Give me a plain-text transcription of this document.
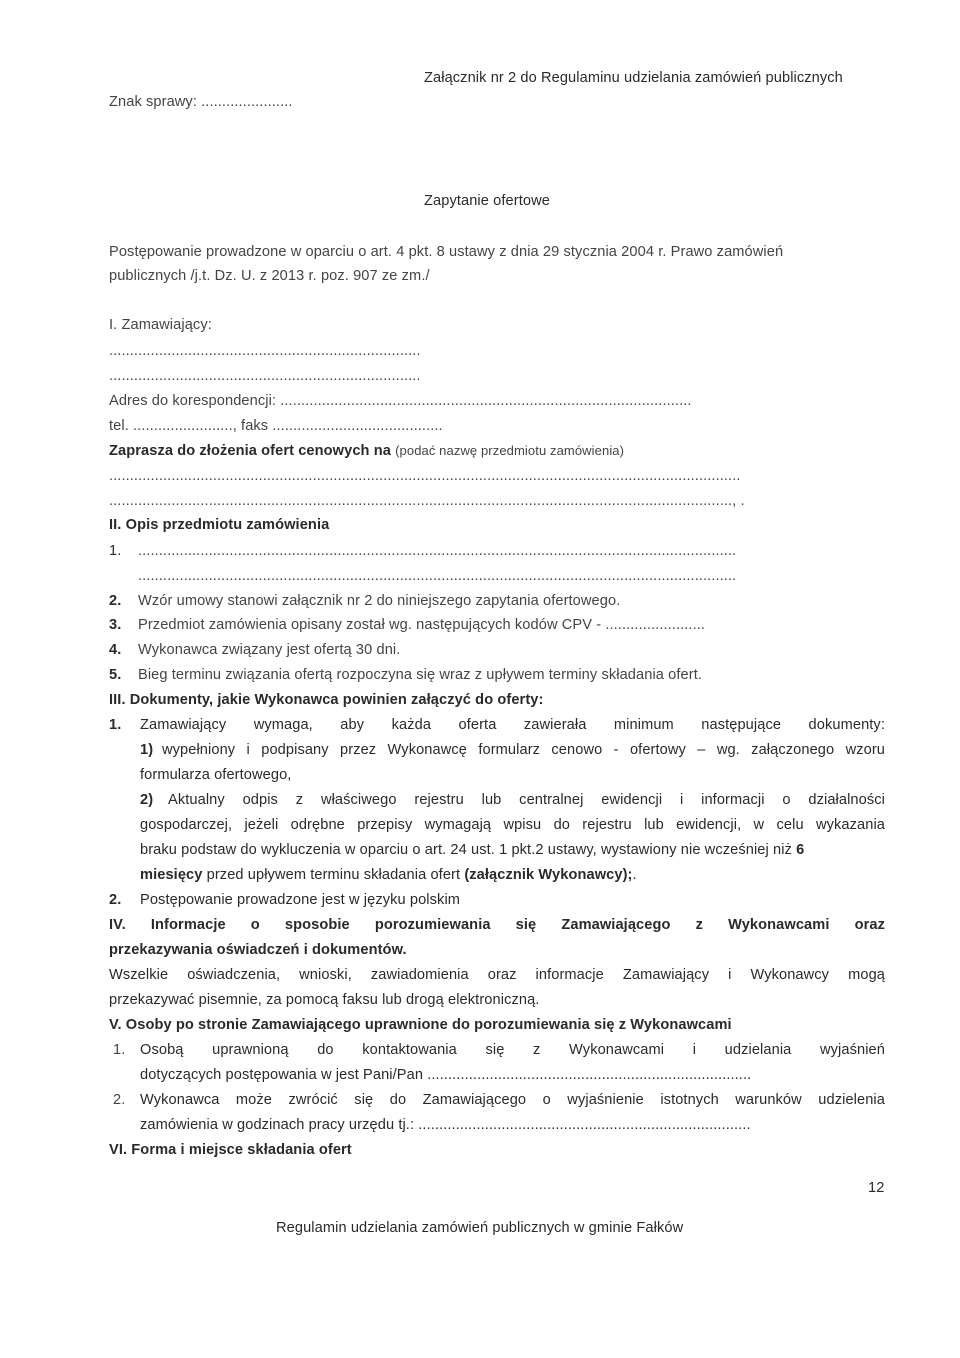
Załącznik nr 2 do Regulaminu udzielania zamówień publicznych
Znak sprawy: ......................
Zapytanie ofertowe
Postępowanie prowadzone w oparciu o art. 4 pkt. 8 ustawy z dnia 29 stycznia 2004 r. Prawo zamówień
publicznych /j.t. Dz. U. z 2013 r. poz. 907 ze zm./
I. Zamawiający:
...........................................................................
...........................................................................
Adres do korespondencji: ...................................................................................................
tel. ........................, faks .........................................
Zaprasza do złożenia ofert cenowych na (podać nazwę przedmiotu zamówienia)
........................................................................................................................................................
......................................................................................................................................................, .
II. Opis przedmiotu zamówienia
1. ................................................................................................................................................
................................................................................................................................................
2. Wzór umowy stanowi załącznik nr 2 do niniejszego zapytania ofertowego.
3. Przedmiot zamówienia opisany został wg. następujących kodów CPV - ........................
4. Wykonawca związany jest ofertą 30 dni.
5. Bieg terminu związania ofertą rozpoczyna się wraz z upływem terminy składania ofert.
III. Dokumenty, jakie Wykonawca powinien załączyć do oferty:
1. Zamawiający wymaga, aby każda oferta zawierała minimum następujące dokumenty:
1) wypełniony i podpisany przez Wykonawcę formularz cenowo - ofertowy – wg. załączonego wzoru
formularza ofertowego,
2) Aktualny odpis z właściwego rejestru lub centralnej ewidencji i informacji o działalności
gospodarczej, jeżeli odrębne przepisy wymagają wpisu do rejestru lub ewidencji, w celu wykazania
braku podstaw do wykluczenia w oparciu o art. 24 ust. 1 pkt.2 ustawy, wystawiony nie wcześniej niż 6
miesięcy przed upływem terminu składania ofert (załącznik Wykonawcy);.
2. Postępowanie prowadzone jest w języku polskim
IV. Informacje o sposobie porozumiewania się Zamawiającego z Wykonawcami oraz
przekazywania oświadczeń i dokumentów.
Wszelkie oświadczenia, wnioski, zawiadomienia oraz informacje Zamawiający i Wykonawcy mogą
przekazywać pisemnie, za pomocą faksu lub drogą elektroniczną.
V. Osoby po stronie Zamawiającego uprawnione do porozumiewania się z Wykonawcami
1. Osobą uprawnioną do kontaktowania się z Wykonawcami i udzielania wyjaśnień
dotyczących postępowania w jest Pani/Pan ..............................................................................
2. Wykonawca może zwrócić się do Zamawiającego o wyjaśnienie istotnych warunków udzielenia
zamówienia w godzinach pracy urzędu tj.: ................................................................................
VI. Forma i miejsce składania ofert
12
Regulamin udzielania zamówień publicznych w gminie Fałków
